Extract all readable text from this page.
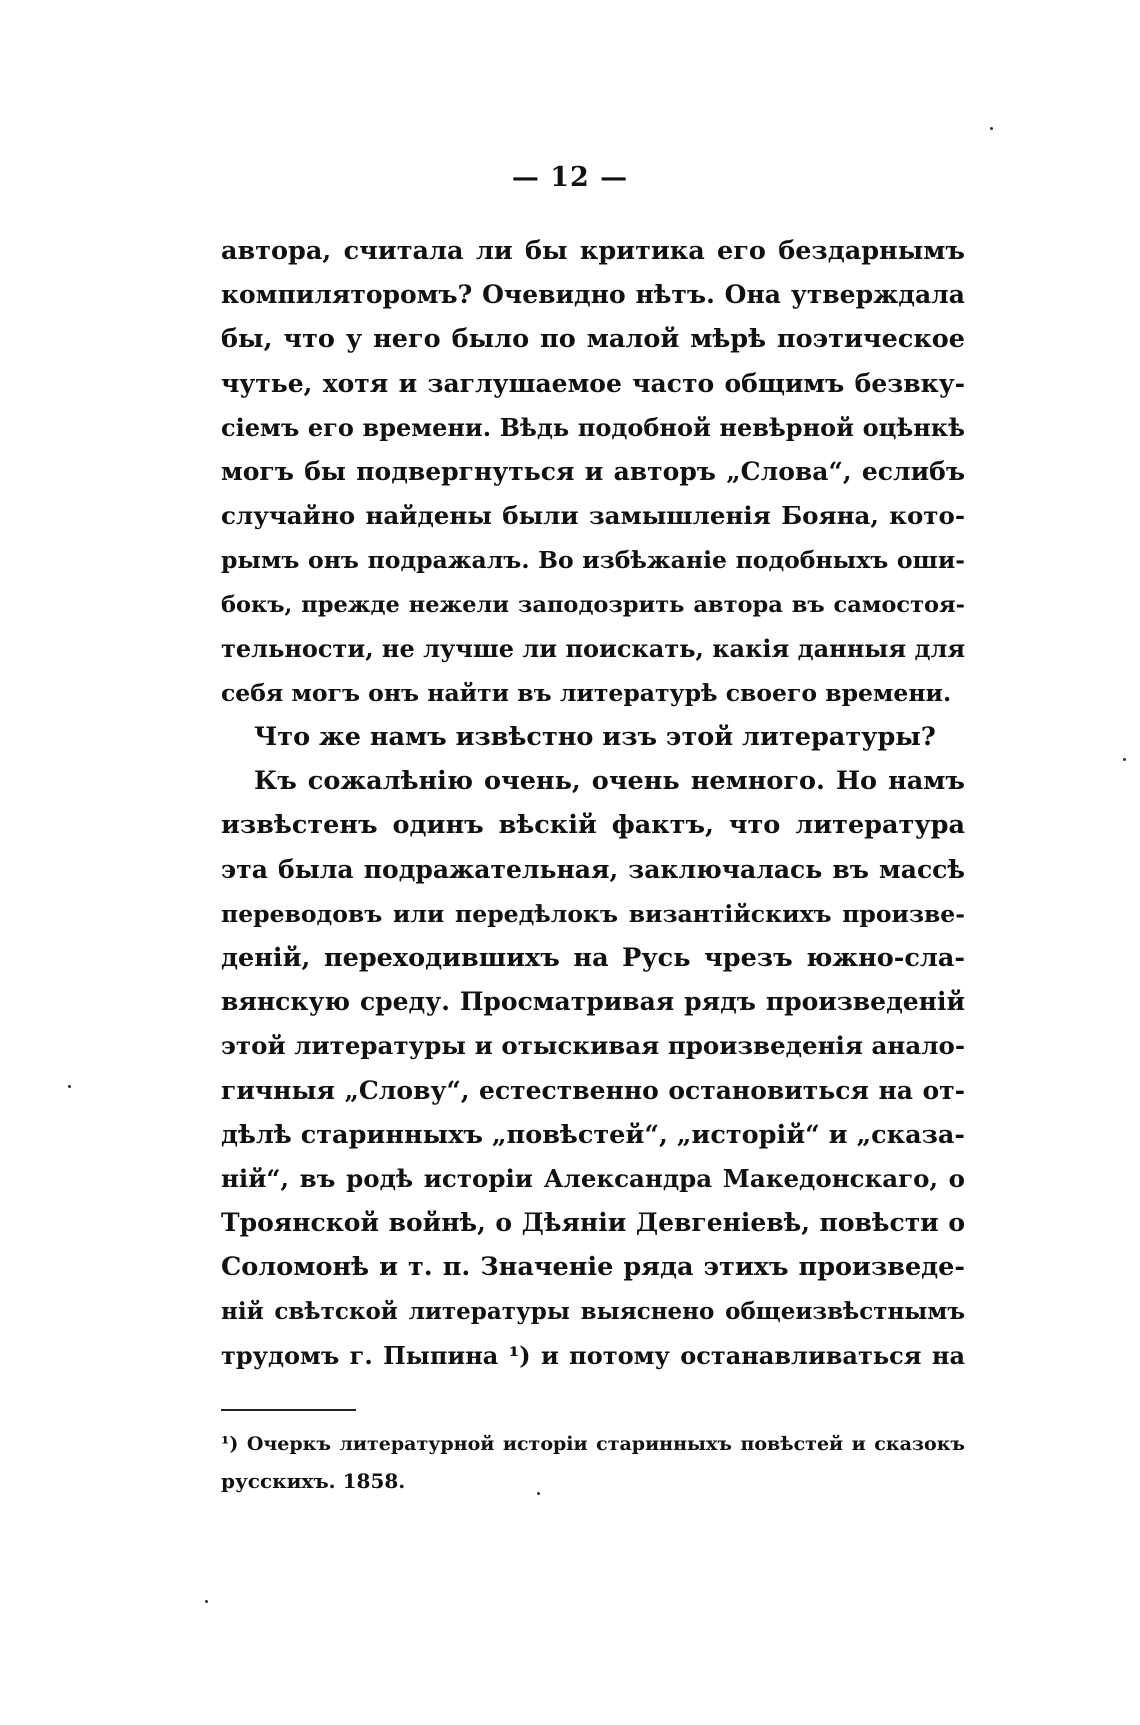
— 12 —
автора, считала ли бы критика его бездарнымъ
компиляторомъ? Очевидно нѣтъ. Она утверждала
бы, что у него было по малой мѣрѣ поэтическое
чутье, хотя и заглушаемое часто общимъ безвку-
сіемъ его времени. Вѣдь подобной невѣрной оцѣнкѣ
могъ бы подвергнуться и авторъ „Слова“, еслибъ
случайно найдены были замышленія Бояна, кото-
рымъ онъ подражалъ. Во избѣжаніе подобныхъ оши-
бокъ, прежде нежели заподозрить автора въ самостоя-
тельности, не лучше ли поискать, какія данныя для
себя могъ онъ найти въ литературѣ своего времени.
Что же намъ извѣстно изъ этой литературы?
Къ сожалѣнію очень, очень немного. Но намъ
извѣстенъ одинъ вѣскій фактъ, что литература
эта была подражательная, заключалась въ массѣ
переводовъ или передѣлокъ византійскихъ произве-
деній, переходившихъ на Русь чрезъ южно-сла-
вянскую среду. Просматривая рядъ произведеній
этой литературы и отыскивая произведенія анало-
гичныя „Слову“, естественно остановиться на от-
дѣлѣ старинныхъ „повѣстей“, „исторій“ и „сказа-
ній“, въ родѣ исторіи Александра Македонскаго, о
Троянской войнѣ, о Дѣяніи Девгеніевѣ, повѣсти о
Соломонѣ и т. п. Значеніе ряда этихъ произведе-
ній свѣтской литературы выяснено общеизвѣстнымъ
трудомъ г. Пыпина ¹) и потому останавливаться на
¹) Очеркъ литературной исторіи старинныхъ повѣстей и сказокъ
русскихъ. 1858.
